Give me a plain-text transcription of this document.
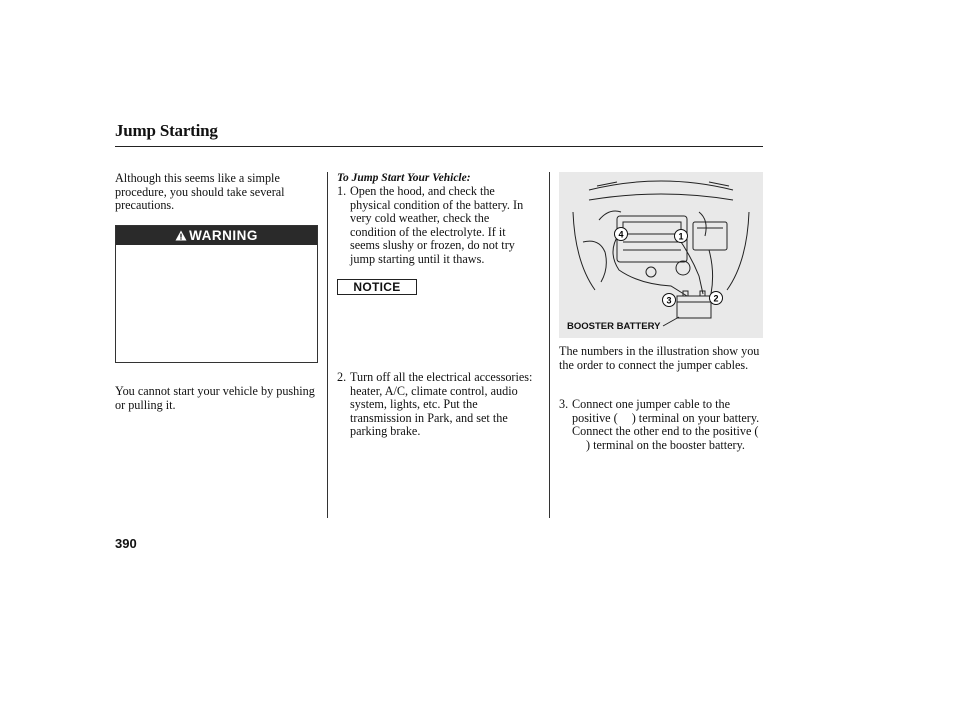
Jump Starting
Although this seems like a simple procedure, you should take several precautions.
WARNING
You cannot start your vehicle by pushing or pulling it.
To Jump Start Your Vehicle:
1. Open the hood, and check the physical condition of the battery. In very cold weather, check the condition of the electrolyte. If it seems slushy or frozen, do not try jump starting until it thaws.
NOTICE
2. Turn off all the electrical accessories: heater, A/C, climate control, audio system, lights, etc. Put the transmission in Park, and set the parking brake.
1
2
3
4
BOOSTER BATTERY
The numbers in the illustration show you the order to connect the jumper cables.
3. Connect one jumper cable to the positive ( ) terminal on your battery. Connect the other end to the positive () terminal on the booster battery.
390
